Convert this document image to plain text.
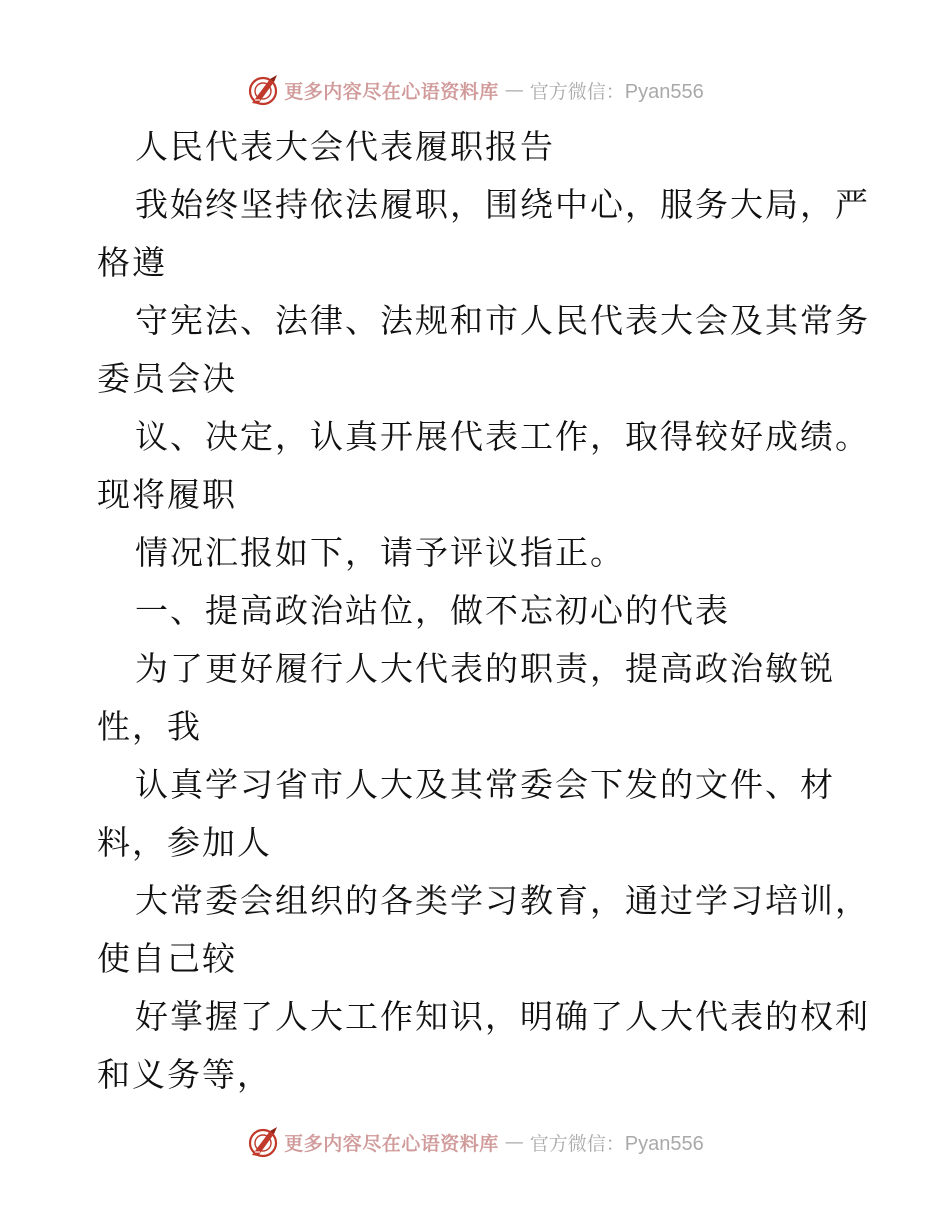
更多内容尽在心语资料库 — 官方微信：Pyan556
人民代表大会代表履职报告
我始终坚持依法履职，围绕中心，服务大局，严
格遵
守宪法、法律、法规和市人民代表大会及其常务
委员会决
议、决定，认真开展代表工作，取得较好成绩。
现将履职
情况汇报如下，请予评议指正。
一、提高政治站位，做不忘初心的代表
为了更好履行人大代表的职责，提高政治敏锐
性，我
认真学习省市人大及其常委会下发的文件、材
料，参加人
大常委会组织的各类学习教育，通过学习培训，
使自己较
好掌握了人大工作知识，明确了人大代表的权利
和义务等，
更多内容尽在心语资料库 — 官方微信：Pyan556
